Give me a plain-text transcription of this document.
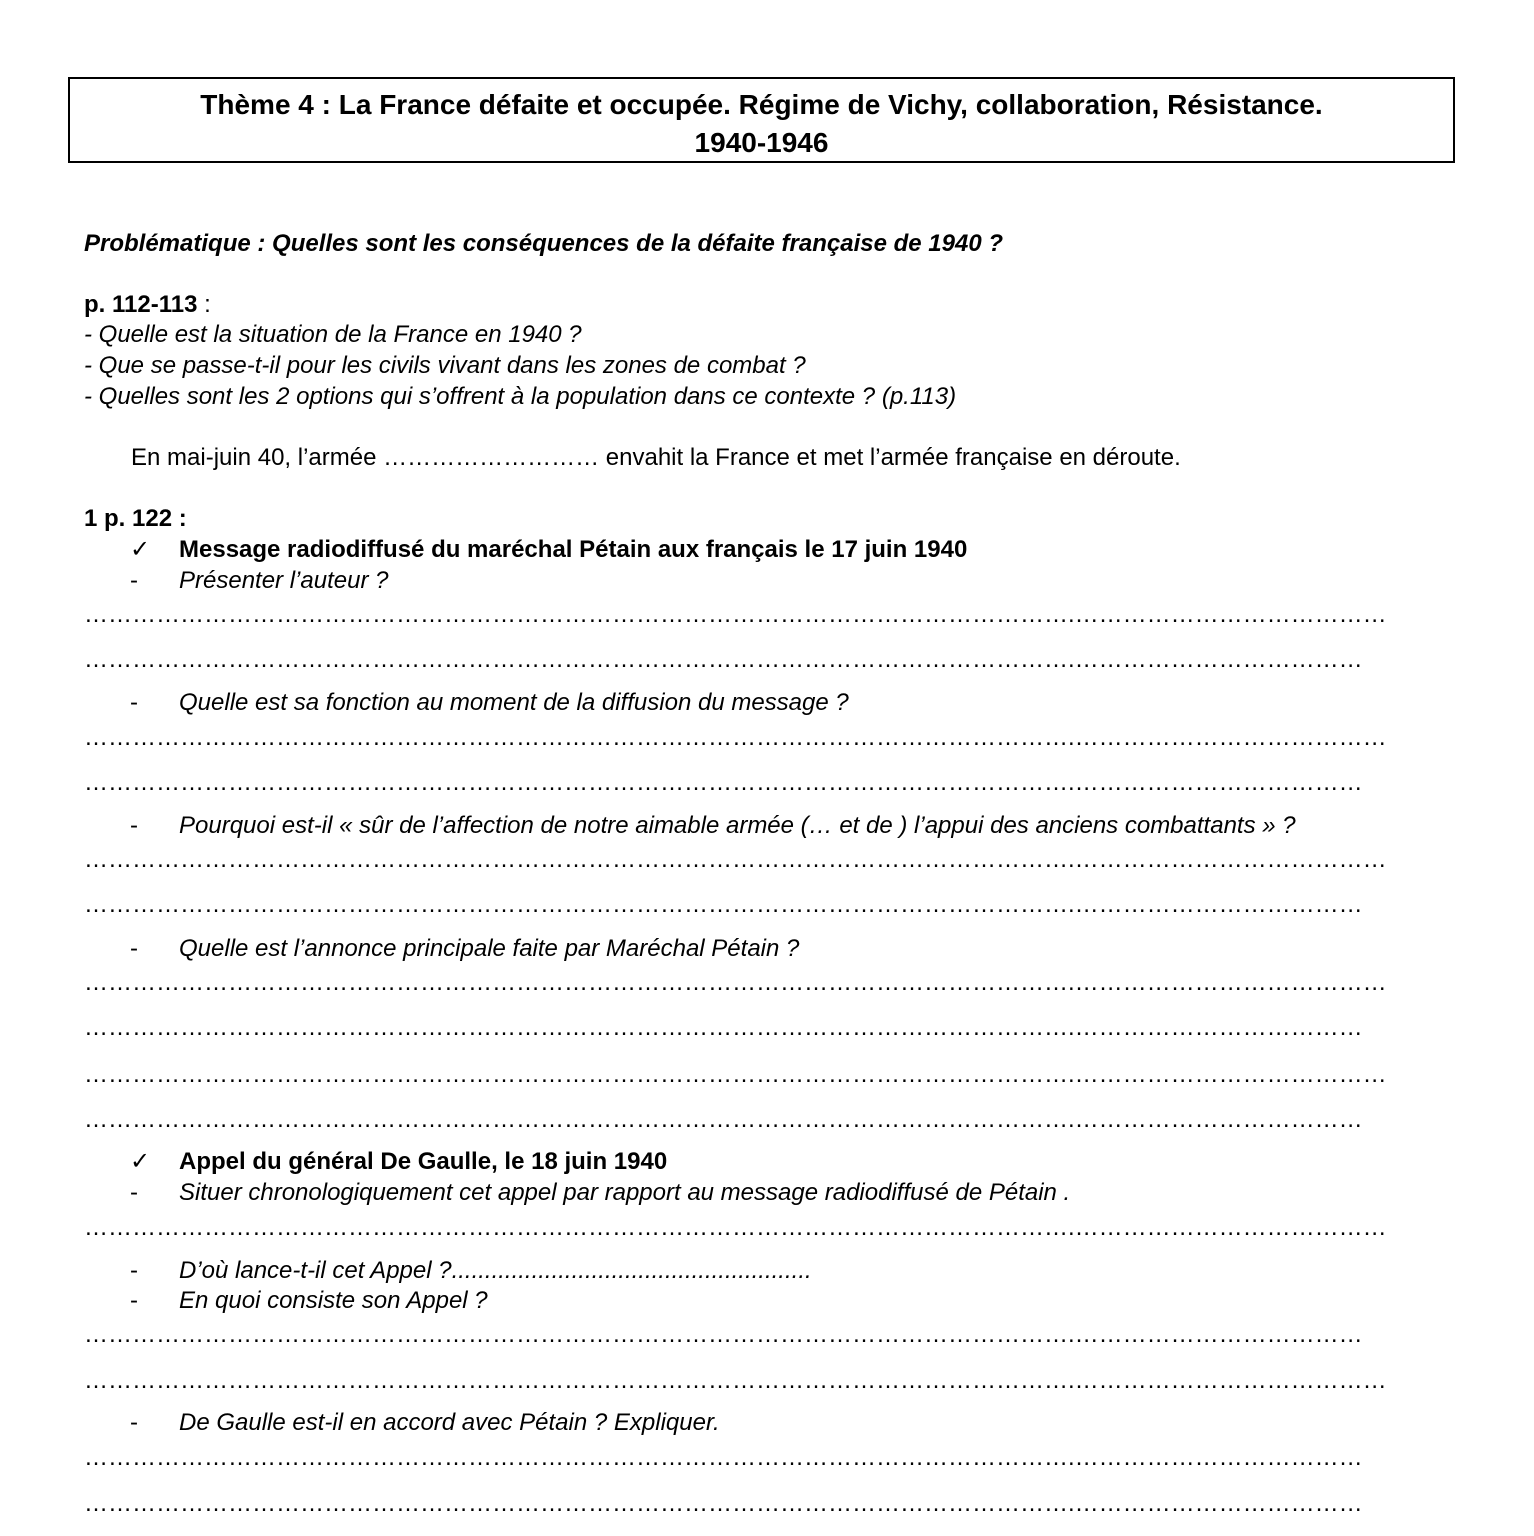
Thème 4 : La France défaite et occupée. Régime de Vichy, collaboration, Résistance.
1940-1946
Problématique : Quelles sont les conséquences de la défaite française de 1940 ?
p. 112-113 :
- Quelle est la situation de la France en 1940 ?
- Que se passe-t-il pour les civils vivant dans les zones de combat ?
- Quelles sont les 2 options qui s’offrent à la population dans ce contexte ? (p.113)
En mai-juin 40, l’armée ……………………… envahit la France et met l’armée française en déroute.
1 p. 122 :
✓ Message radiodiffusé du maréchal Pétain aux français le 17 juin 1940
- Présenter l’auteur ?
…………………………………………………………………………………………………………….…………………………………
…………………………………………………………………………………………………………….………………………………
- Quelle est sa fonction au moment de la diffusion du message ?
…………………………………………………………………………………………………………….…………………………………
…………………………………………………………………………………………………………….………………………………
- Pourquoi est-il « sûr de l’affection de notre aimable armée (… et de ) l’appui des anciens combattants » ?
…………………………………………………………………………………………………………….…………………………………
…………………………………………………………………………………………………………….………………………………
- Quelle est l’annonce principale faite par Maréchal Pétain ?
…………………………………………………………………………………………………………….…………………………………
…………………………………………………………………………………………………………….………………………………
…………………………………………………………………………………………………………….…………………………………
…………………………………………………………………………………………………………….………………………………
✓ Appel du général De Gaulle, le 18 juin 1940
- Situer chronologiquement cet appel par rapport au message radiodiffusé de Pétain .
…………………………………………………………………………………………………………….…………………………………
- D’où lance-t-il cet Appel ?......................................................
- En quoi consiste son Appel ?
…………………………………………………………………………………………………………….………………………………
…………………………………………………………………………………………………………….…………………………………
- De Gaulle est-il en accord avec Pétain ? Expliquer.
…………………………………………………………………………………………………………….………………………………
…………………………………………………………………………………………………………….………………………………
